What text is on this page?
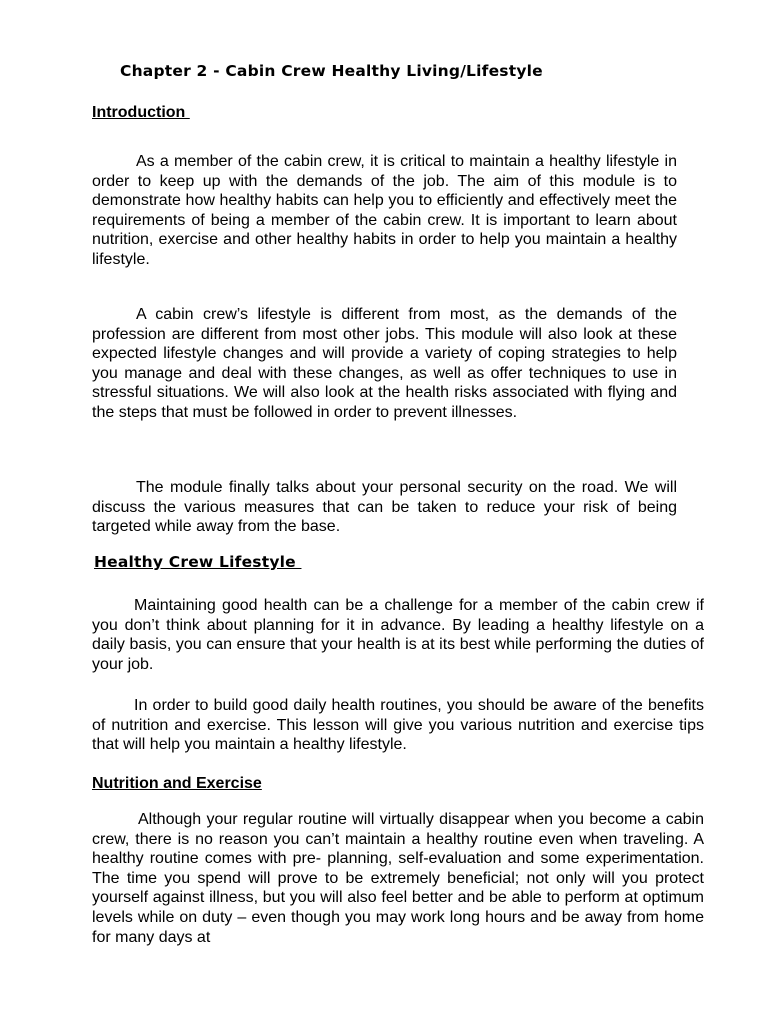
Chapter 2 - Cabin Crew Healthy Living/Lifestyle
Introduction

As a member of the cabin crew, it is critical to maintain a healthy lifestyle in order to keep up with the demands of the job. The aim of this module is to demonstrate how healthy habits can help you to efficiently and effectively meet the requirements of being a member of the cabin crew. It is important to learn about nutrition, exercise and other healthy habits in order to help you maintain a healthy lifestyle.

A cabin crew’s lifestyle is different from most, as the demands of the profession are different from most other jobs. This module will also look at these expected lifestyle changes and will provide a variety of coping strategies to help you manage and deal with these changes, as well as offer techniques to use in stressful situations. We will also look at the health risks associated with flying and the steps that must be followed in order to prevent illnesses.

The module finally talks about your personal security on the road. We will discuss the various measures that can be taken to reduce your risk of being targeted while away from the base.

Healthy Crew Lifestyle

Maintaining good health can be a challenge for a member of the cabin crew if you don’t think about planning for it in advance. By leading a healthy lifestyle on a daily basis, you can ensure that your health is at its best while performing the duties of your job.

In order to build good daily health routines, you should be aware of the benefits of nutrition and exercise. This lesson will give you various nutrition and exercise tips that will help you maintain a healthy lifestyle.

Nutrition and Exercise

Although your regular routine will virtually disappear when you become a cabin crew, there is no reason you can’t maintain a healthy routine even when traveling. A healthy routine comes with pre- planning, self-evaluation and some experimentation. The time you spend will prove to be extremely beneficial; not only will you protect yourself against illness, but you will also feel better and be able to perform at optimum levels while on duty – even though you may work long hours and be away from home for many days at
